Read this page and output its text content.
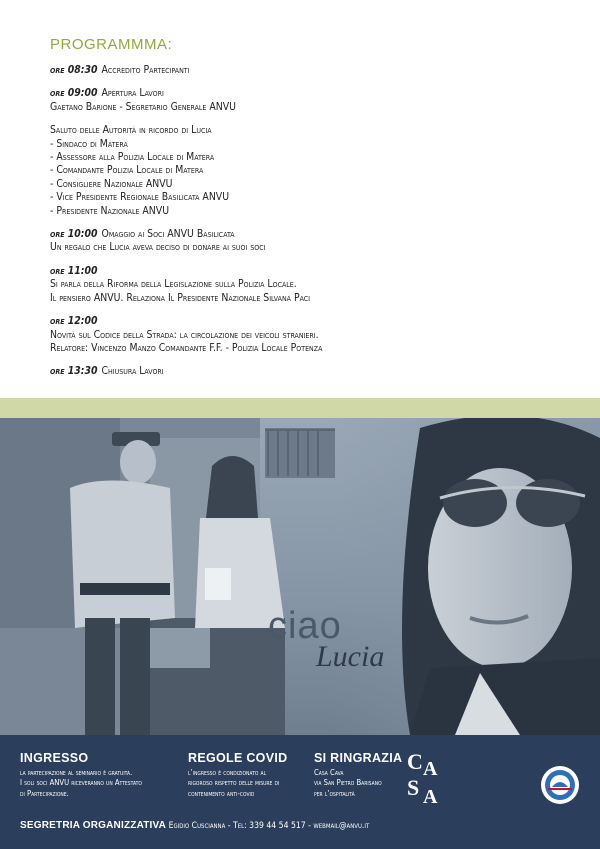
PROGRAMMMA:
ore 08:30 Accredito Partecipanti
ore 09:00 Apertura Lavori
Gaetano Barione - Segretario Generale ANVU
Saluto delle Autorità in ricordo di Lucia
- Sindaco di Matera
- Assessore alla Polizia Locale di Matera
- Comandante Polizia Locale di Matera
- Consigliere Nazionale ANVU
- Vice Presidente Regionale Basilicata ANVU
- Presidente Nazionale ANVU
ore 10:00 Omaggio ai Soci ANVU Basilicata
Un regalo che Lucia aveva deciso di donare ai suoi soci
ore 11:00
Si parla della Riforma della Legislazione sulla Polizia Locale.
Il pensiero ANVU. Relaziona Il Presidente Nazionale Silvana Paci
ore 12:00
Novità sul Codice della Strada: la circolazione dei veicoli stranieri.
Relatore: Vincenzo Manzo Comandante F.F. - Polizia Locale Potenza
ore 13:30 Chiusura Lavori
ciao
Lucia
INGRESSO
la partecipazione al seminario è gratuita.
I soli soci ANVU riceveranno un Attestato
di Partecipazione.
REGOLE COVID
l’ingresso è condizionato al
rigoroso rispetto delle misure di
contenimento anti-covid
SI RINGRAZIA
Casa Cava
via San Pietro Barisano
per l’ospitalità
C A
S A
SEGRETRIA ORGANIZZATIVA Egidio Cuscianna - Tel: 339 44 54 517 - webmail@anvu.it
